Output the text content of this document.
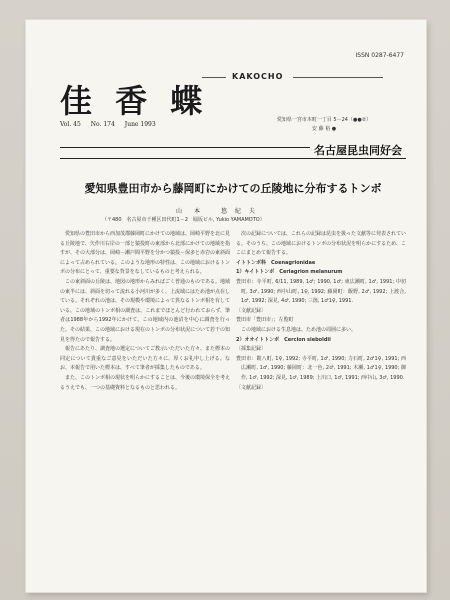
ISSN 0287-6477
KAKOCHO
佳 香 蝶
Vol. 45 No. 174 June 1993
愛知県一宮市本町一丁目 5－24（●●②）
安 藤 裕 ●
名古屋昆虫同好会
愛知県豊田市から藤岡町にかけての丘陵地に分布するトンボ
山　本　　悠 紀 夫
（〒480　名古屋市千種区田代町1－2　堀坂ビル, Yukio YAMAMOTO）

愛知県の豊田市から西加茂郡藤岡町にかけての地域は、岡崎平野を北に見る丘陵地で、矢作川右岸の一部と猿投町の東部から北部にかけての地域を指すが、その大部分は、岡崎－瀬戸間平野を分かつ猿投－保多と赤岩の東斜面によって占められている。このような地形の特性は、この地域におけるトンボの分布にとって、重要な背景をなしているものと考えられる。

この東斜面の丘陵は、地図の地形からみればごく普通のものである。地域の東半には、斜面を切って流れる小河川が多く、上流域にはため池が点在している。それぞれの池は、その規模や環境によって異なるトンボ相を有している。この地域のトンボ相の調査は、これまでほとんど行われておらず、筆者は1988年から1992年にかけて、この地域内の池沼を中心に調査を行った。その結果、この地域における現在のトンボの分布状況について若干の知見を得たので報告する。

報告にあたり、調査地の選定についてご教示いただいた方々、また標本の同定について貴重なご意見をいただいた方々に、厚くお礼申し上げる。なお、本報告で用いた標本は、すべて筆者が採集したものである。

また、このトンボ相の現状を明らかにすることは、今後の環境保全を考えるうえでも、一つの基礎資料となるものと思われる。

次の記録については、これらの記録は昆虫を扱った文献等に発表されている。そのうち、この地域におけるトンボの分布状況を明らかにするため、ここにまとめて報告する。

イトトンボ科　Coenagrionidae
1）キイトトンボ　Ceriagrion melanurum
豊田市：寺平町, 6/11, 1989, 1♂; 1990, 1♂; 東広瀬町, 1♂, 1991; 中切町, 3♂, 1990; 西中山町, 1♀, 1992; 藤岡町：飯野, 2♂, 1992; 上渡合, 1♂, 1992; 深見, 4♂, 1990; 三箇, 1♂1♀, 1991.
〔文献記録〕
豊田市「豊田市」；左覧町

この地域における生息地は、ため池の周囲に多い。

2）オオイトトンボ　Cercion sieboldii
〔採集記録〕
豊田市：勘八町, 1♀, 1992; 寺平町, 1♂, 1990; 力石町, 2♂1♀, 1991; 西広瀬町, 1♂, 1990; 藤岡町：北一色, 2♂, 1991; 木瀬, 1♂1♀, 1990; 御作, 1♂, 1992; 深見, 1♂, 1989; 上川口, 1♂, 1991; 西中山, 3♂, 1990.
〔文献記録〕
